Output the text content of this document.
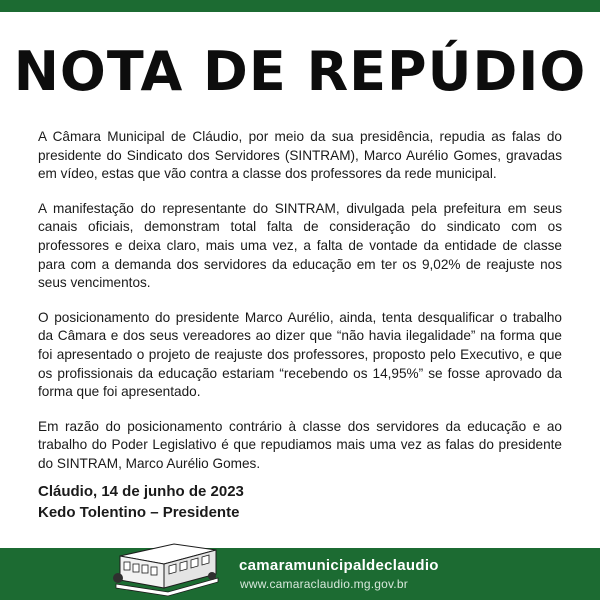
NOTA DE REPÚDIO

A Câmara Municipal de Cláudio, por meio da sua presidência, repudia as falas do presidente do Sindicato dos Servidores (SINTRAM), Marco Aurélio Gomes, gravadas em vídeo, estas que vão contra a classe dos professores da rede municipal.

A manifestação do representante do SINTRAM, divulgada pela prefeitura em seus canais oficiais, demonstram total falta de consideração do sindicato com os professores e deixa claro, mais uma vez, a falta de vontade da entidade de classe para com a demanda dos servidores da educação em ter os 9,02% de reajuste nos seus vencimentos.

O posicionamento do presidente Marco Aurélio, ainda, tenta desqualificar o trabalho da Câmara e dos seus vereadores ao dizer que “não havia ilegalidade” na forma que foi apresentado o projeto de reajuste dos professores, proposto pelo Executivo, e que os profissionais da educação estariam “recebendo os 14,95%” se fosse aprovado da forma que foi apresentado.

Em razão do posicionamento contrário à classe dos servidores da educação e ao trabalho do Poder Legislativo é que repudiamos mais uma vez as falas do presidente do SINTRAM, Marco Aurélio Gomes.

Cláudio, 14 de junho de 2023
Kedo Tolentino – Presidente
camaramunicipaldeclaudio
www.camaraclaudio.mg.gov.br
